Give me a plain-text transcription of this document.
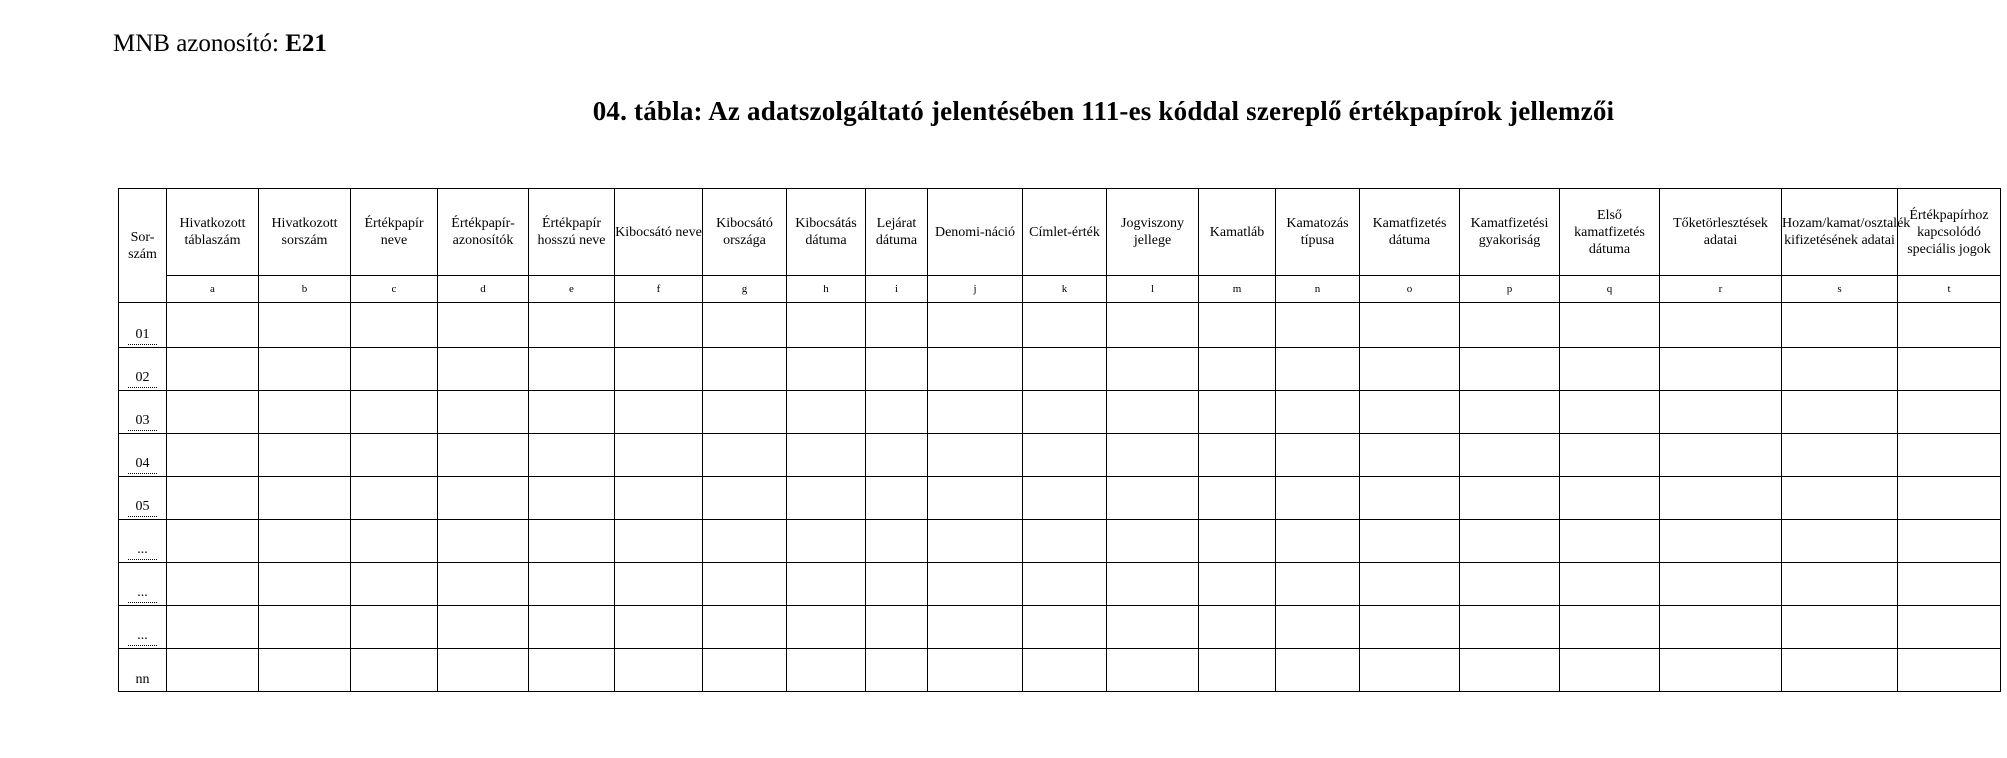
MNB azonosító: E21
04. tábla: Az adatszolgáltató jelentésében 111-es kóddal szereplő értékpapírok jellemzői
Sor-szám	Hivatkozott táblaszám	Hivatkozott sorszám	Értékpapír neve	Értékpapír-azonosítók	Értékpapír hosszú neve	Kibocsátó neve	Kibocsátó országa	Kibocsátás dátuma	Lejárat dátuma	Denomi-náció	Címlet-érték	Jogviszony jellege	Kamatláb	Kamatozás típusa	Kamatfizetés dátuma	Kamatfizetési gyakoriság	Első kamatfizetés dátuma	Tőketörlesztések adatai	Hozam/kamat/osztalék kifizetésének adatai	Értékpapírhoz kapcsolódó speciális jogok
	a	b	c	d	e	f	g	h	i	j	k	l	m	n	o	p	q	r	s	t
01																				
02																				
03																				
04																				
05																				
...																				
...																				
...																				
nn																				
